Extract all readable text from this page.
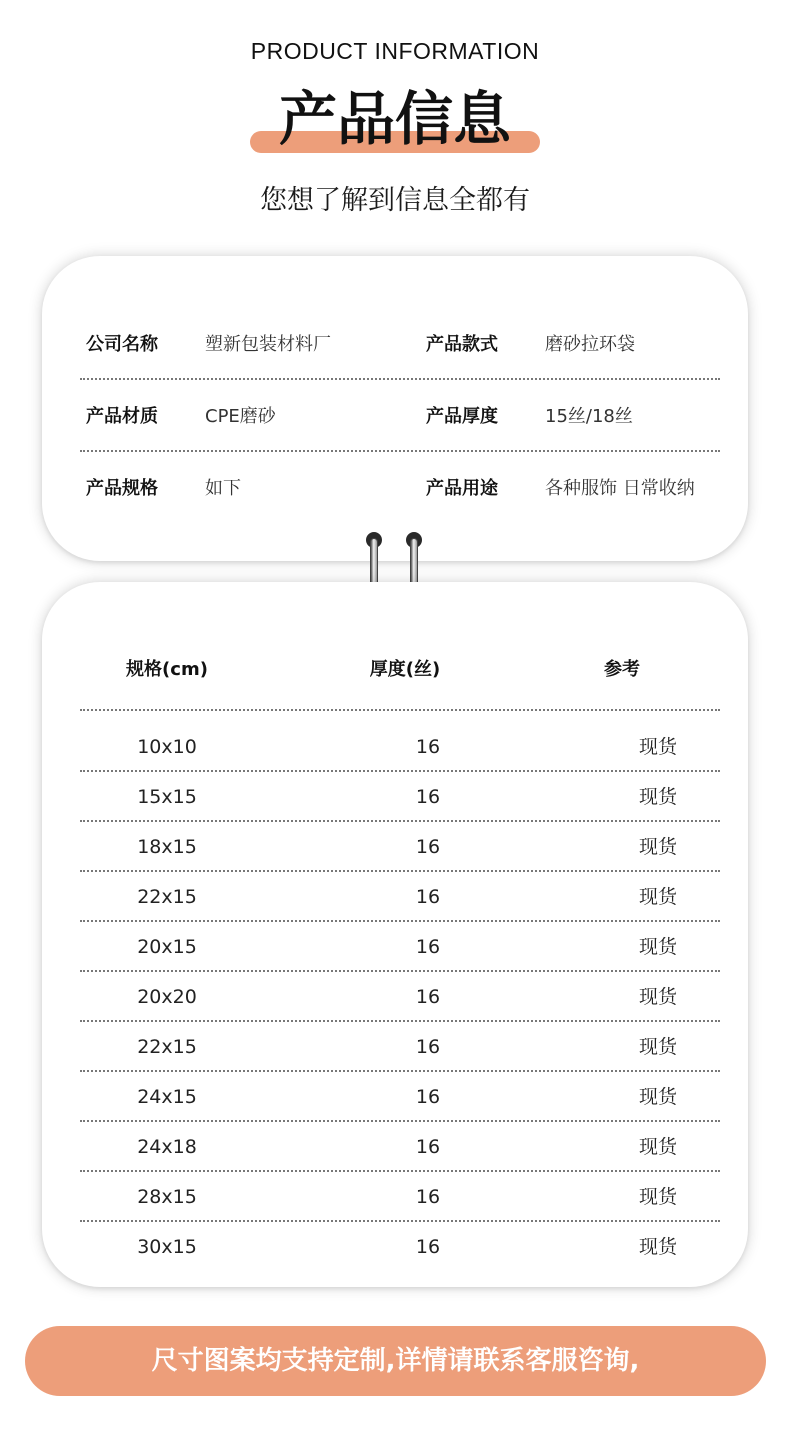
PRODUCT INFORMATION
产品信息
您想了解到信息全都有
公司名称	塑新包装材料厂	产品款式	磨砂拉环袋
产品材质	CPE磨砂	产品厚度	15丝/18丝
产品规格	如下	产品用途	各种服饰 日常收纳
规格(cm)	厚度(丝)	参考
10x10	16	现货
15x15	16	现货
18x15	16	现货
22x15	16	现货
20x15	16	现货
20x20	16	现货
22x15	16	现货
24x15	16	现货
24x18	16	现货
28x15	16	现货
30x15	16	现货
尺寸图案均支持定制,详情请联系客服咨询,
